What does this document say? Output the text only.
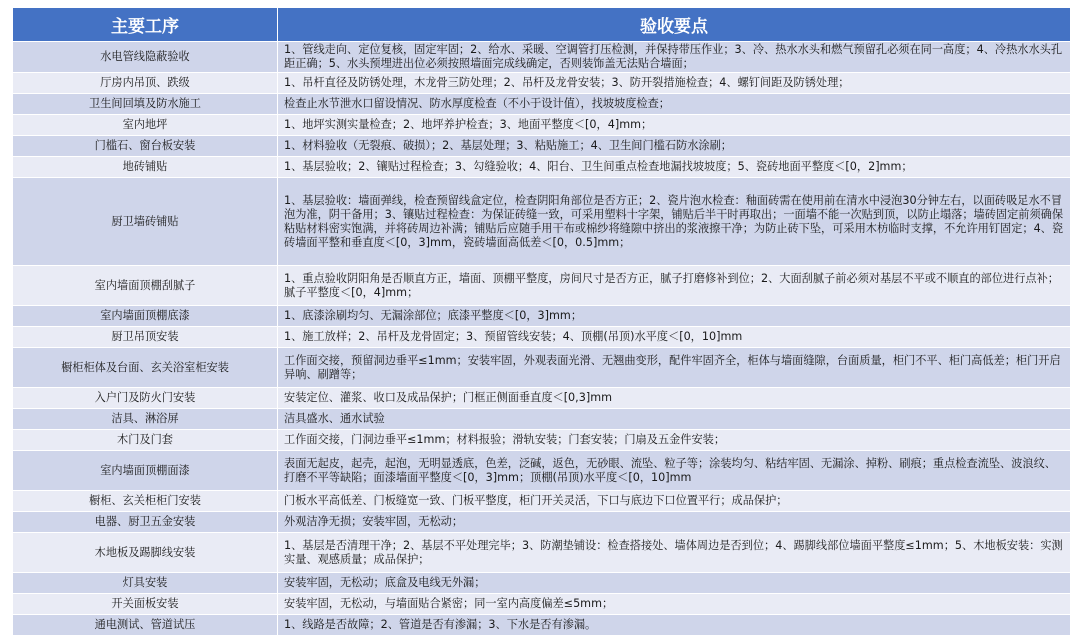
主要工序	验收要点
水电管线隐蔽验收	1、管线走向、定位复核，固定牢固；2、给水、采暖、空调管打压检测，并保持带压作业；3、冷、热水水头和燃气预留孔必须在同一高度；4、冷热水水头孔距正确；5、水头预埋进出位必须按照墙面完成线确定，否则装饰盖无法贴合墙面；
厅房内吊顶、跌级	1、吊杆直径及防锈处理，木龙骨三防处理；2、吊杆及龙骨安装；3、防开裂措施检查；4、螺钉间距及防锈处理；
卫生间回填及防水施工	检查止水节泄水口留设情况、防水厚度检查（不小于设计值），找坡坡度检查；
室内地坪	1、地坪实测实量检查；2、地坪养护检查；3、地面平整度＜[0，4]mm；
门槛石、窗台板安装	1、材料验收（无裂痕、破损）；2、基层处理；3、粘贴施工；4、卫生间门槛石防水涂刷；
地砖铺贴	1、基层验收；2、镶贴过程检查；3、勾缝验收；4、阳台、卫生间重点检查地漏找坡坡度；5、瓷砖地面平整度＜[0，2]mm；
厨卫墙砖铺贴	1、基层验收：墙面弹线，检查预留线盒定位，检查阴阳角部位是否方正；2、瓷片泡水检查：釉面砖需在使用前在清水中浸泡30分钟左右，以面砖吸足水不冒泡为准，阴干备用；3、镶贴过程检查：为保证砖缝一致，可采用塑料十字架，铺贴后半干时再取出；一面墙不能一次贴到顶，以防止塌落；墙砖固定前须确保粘贴材料密实饱满，并将砖周边补满；铺贴后应随手用干布或棉纱将缝隙中挤出的浆液擦干净；为防止砖下坠，可采用木枋临时支撑，不允许用钉固定；4、瓷砖墙面平整和垂直度＜[0，3]mm，瓷砖墙面高低差＜[0，0.5]mm；
室内墙面顶棚刮腻子	1、重点验收阴阳角是否顺直方正，墙面、顶棚平整度，房间尺寸是否方正，腻子打磨修补到位；2、大面刮腻子前必须对基层不平或不顺直的部位进行点补；腻子平整度＜[0，4]mm；
室内墙面顶棚底漆	1、底漆涂刷均匀、无漏涂部位；底漆平整度＜[0，3]mm；
厨卫吊顶安装	1、施工放样；2、吊杆及龙骨固定；3、预留管线安装；4、顶棚(吊顶)水平度＜[0，10]mm
橱柜柜体及台面、玄关浴室柜安装	工作面交接，预留洞边垂平≤1mm；安装牢固，外观表面光滑、无翘曲变形，配件牢固齐全，柜体与墙面缝隙，台面质量，柜门不平、柜门高低差；柜门开启异响、刷蹭等；
入户门及防火门安装	安装定位、灌浆、收口及成品保护；门框正侧面垂直度＜[0,3]mm
洁具、淋浴屏	洁具盛水、通水试验
木门及门套	工作面交接，门洞边垂平≤1mm；材料报验；滑轨安装；门套安装；门扇及五金件安装；
室内墙面顶棚面漆	表面无起皮，起壳，起泡，无明显透底，色差，泛碱，返色，无砂眼、流坠、粒子等；涂装均匀、粘结牢固、无漏涂、掉粉、刷痕；重点检查流坠、波浪纹、打磨不平等缺陷；面漆墙面平整度＜[0，3]mm；顶棚(吊顶)水平度＜[0，10]mm
橱柜、玄关柜柜门安装	门板水平高低差、门板缝宽一致、门板平整度，柜门开关灵活，下口与底边下口位置平行；成品保护；
电器、厨卫五金安装	外观洁净无损；安装牢固，无松动；
木地板及踢脚线安装	1、基层是否清理干净；2、基层不平处理完毕；3、防潮垫铺设：检查搭接处、墙体周边是否到位；4、踢脚线部位墙面平整度≤1mm；5、木地板安装：实测实量、观感质量；成品保护；
灯具安装	安装牢固，无松动；底盒及电线无外漏；
开关面板安装	安装牢固，无松动，与墙面贴合紧密；同一室内高度偏差≤5mm；
通电测试、管道试压	1、线路是否故障；2、管道是否有渗漏；3、下水是否有渗漏。
